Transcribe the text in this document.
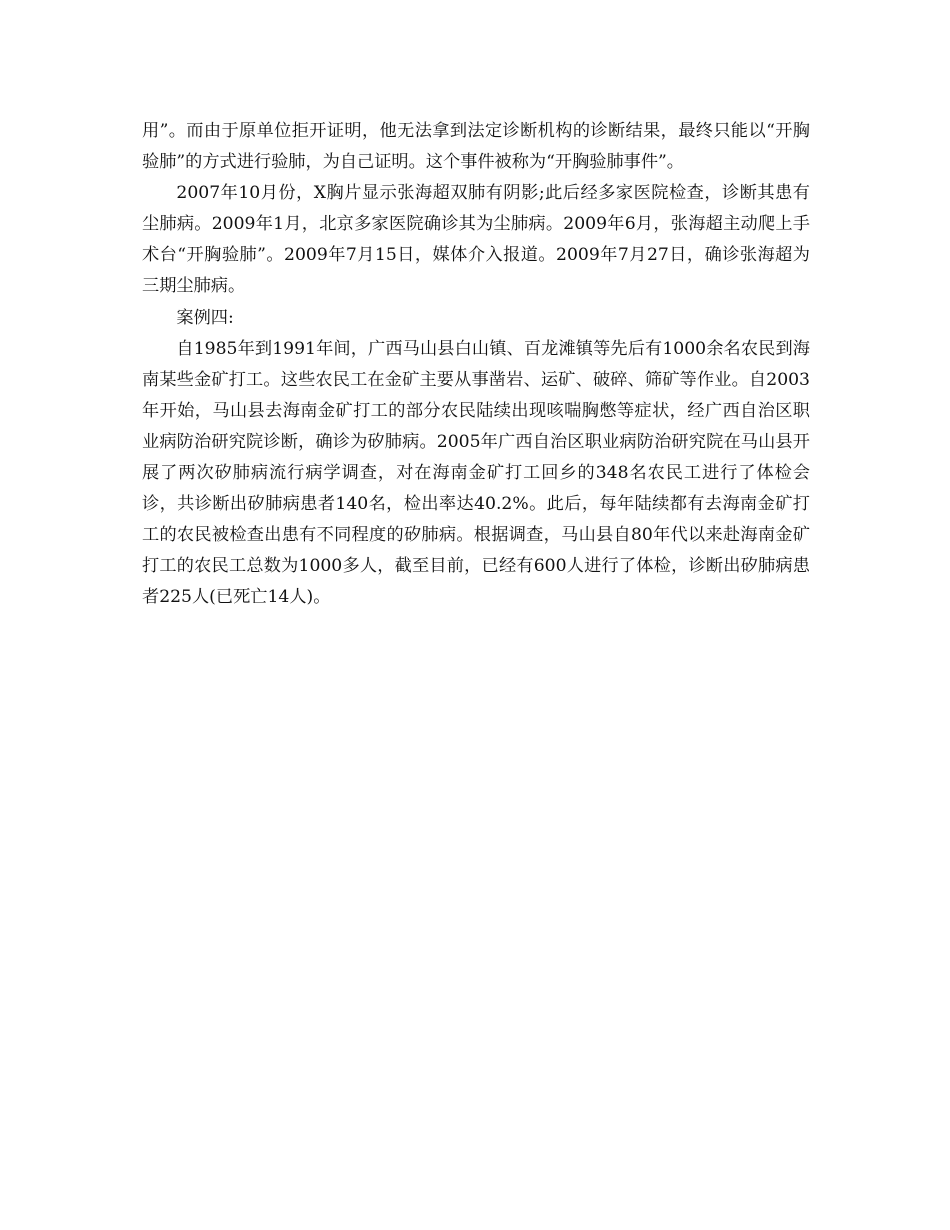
用”。而由于原单位拒开证明，他无法拿到法定诊断机构的诊断结果，最终只能以“开胸验肺”的方式进行验肺，为自己证明。这个事件被称为“开胸验肺事件”。

2007年10月份，X胸片显示张海超双肺有阴影;此后经多家医院检查，诊断其患有尘肺病。2009年1月，北京多家医院确诊其为尘肺病。2009年6月，张海超主动爬上手术台“开胸验肺”。2009年7月15日，媒体介入报道。2009年7月27日，确诊张海超为三期尘肺病。

案例四:

自1985年到1991年间，广西马山县白山镇、百龙滩镇等先后有1000余名农民到海南某些金矿打工。这些农民工在金矿主要从事凿岩、运矿、破碎、筛矿等作业。自2003年开始，马山县去海南金矿打工的部分农民陆续出现咳喘胸憋等症状，经广西自治区职业病防治研究院诊断，确诊为矽肺病。2005年广西自治区职业病防治研究院在马山县开展了两次矽肺病流行病学调查，对在海南金矿打工回乡的348名农民工进行了体检会诊，共诊断出矽肺病患者140名，检出率达40.2%。此后，每年陆续都有去海南金矿打工的农民被检查出患有不同程度的矽肺病。根据调查，马山县自80年代以来赴海南金矿打工的农民工总数为1000多人，截至目前，已经有600人进行了体检，诊断出矽肺病患者225人(已死亡14人)。
